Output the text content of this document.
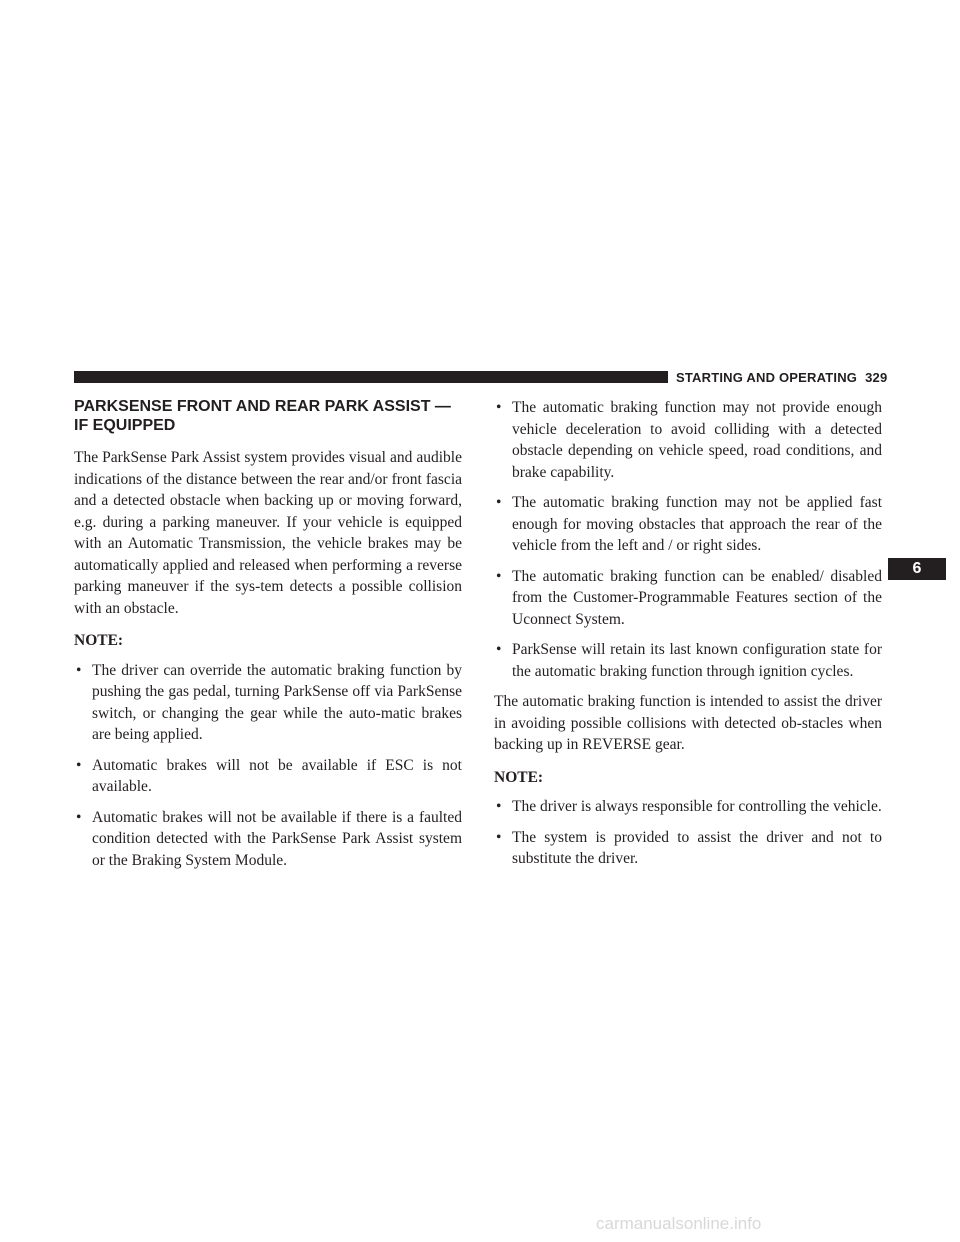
STARTING AND OPERATING 329
PARKSENSE FRONT AND REAR PARK ASSIST —
IF EQUIPPED

The ParkSense Park Assist system provides visual and audible indications of the distance between the rear and/or front fascia and a detected obstacle when backing up or moving forward, e.g. during a parking maneuver. If your vehicle is equipped with an Automatic Transmission, the vehicle brakes may be automatically applied and released when performing a reverse parking maneuver if the sys-tem detects a possible collision with an obstacle.

NOTE:

• The driver can override the automatic braking function by pushing the gas pedal, turning ParkSense off via ParkSense switch, or changing the gear while the auto-matic brakes are being applied.
• Automatic brakes will not be available if ESC is not available.
• Automatic brakes will not be available if there is a faulted condition detected with the ParkSense Park Assist system or the Braking System Module.
• The automatic braking function may not provide enough vehicle deceleration to avoid colliding with a detected obstacle depending on vehicle speed, road conditions, and brake capability.
• The automatic braking function may not be applied fast enough for moving obstacles that approach the rear of the vehicle from the left and / or right sides.
• The automatic braking function can be enabled/ disabled from the Customer-Programmable Features section of the Uconnect System.
• ParkSense will retain its last known configuration state for the automatic braking function through ignition cycles.

The automatic braking function is intended to assist the driver in avoiding possible collisions with detected ob-stacles when backing up in REVERSE gear.

NOTE:

• The driver is always responsible for controlling the vehicle.
• The system is provided to assist the driver and not to substitute the driver.
6
carmanualsonline.info
